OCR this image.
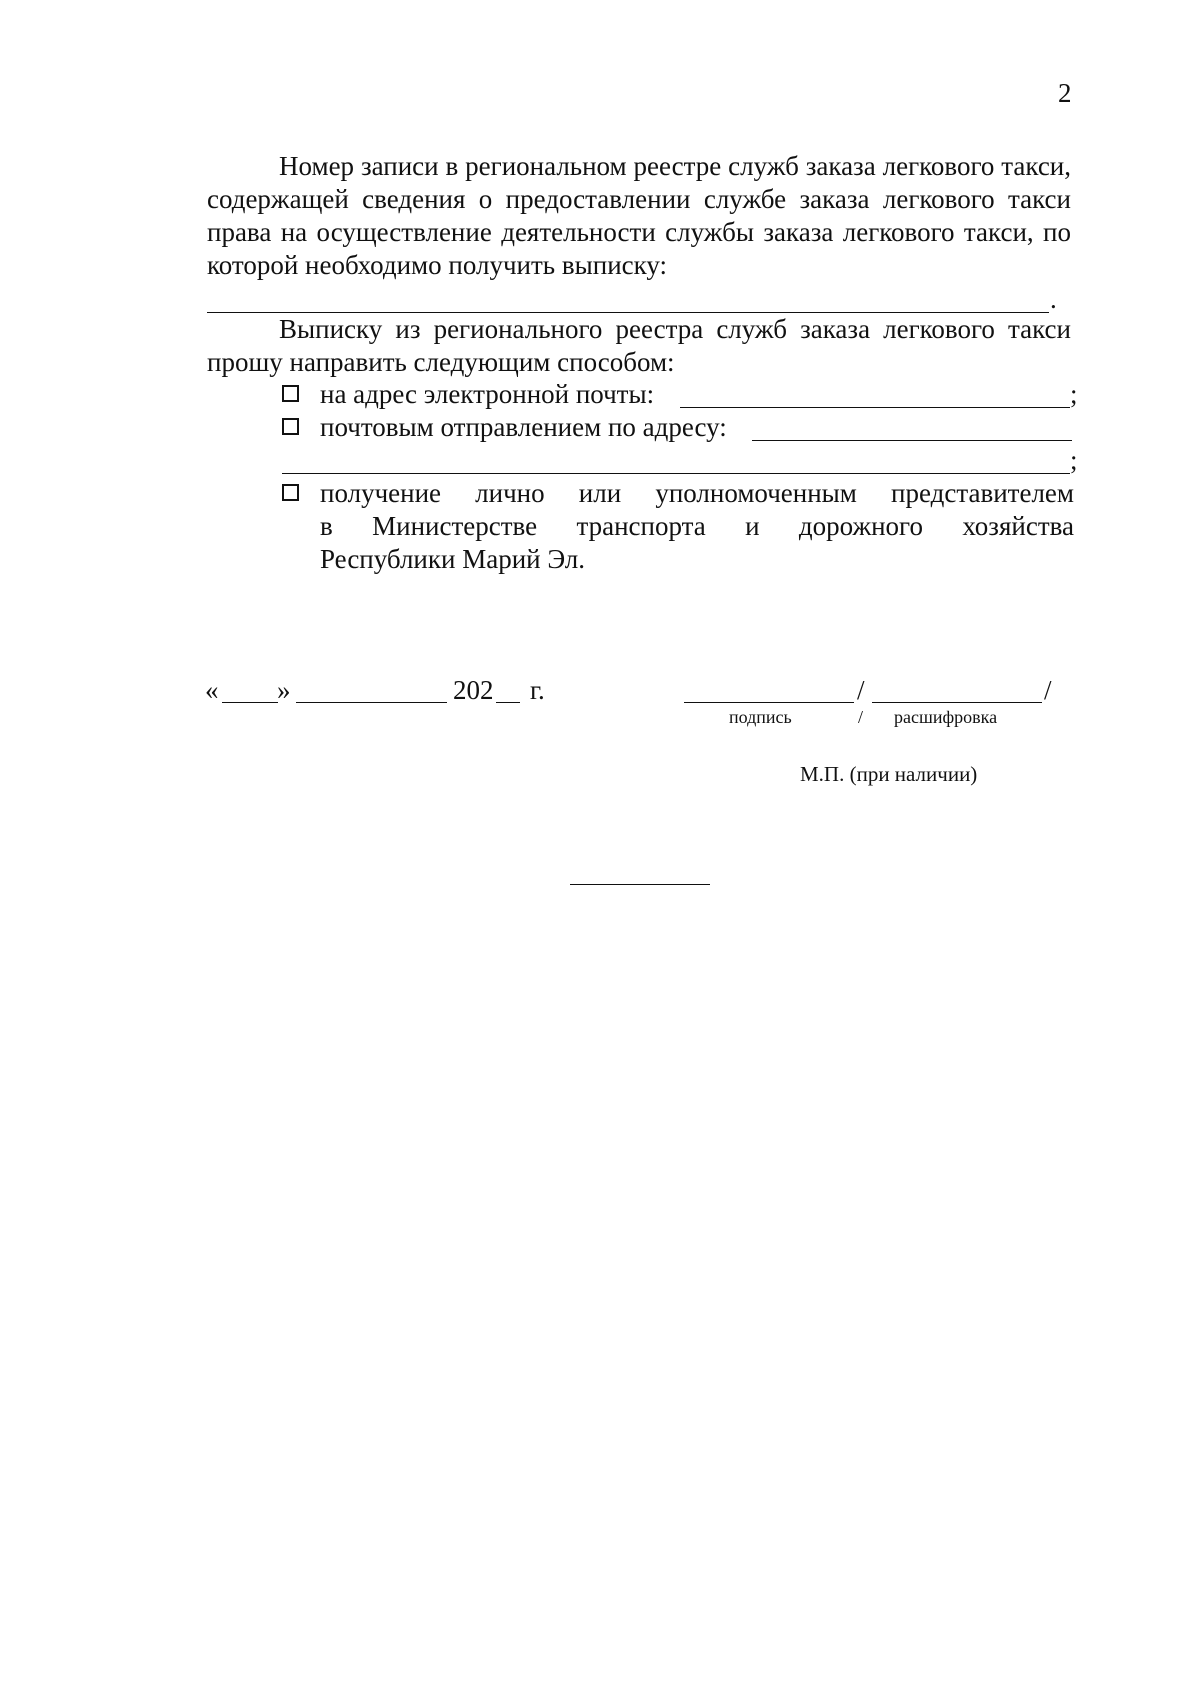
2
Номер записи в региональном реестре служб заказа легкового такси, содержащей сведения о предоставлении службе заказа легкового такси права на осуществление деятельности службы заказа легкового такси, по которой необходимо получить выписку:
.
Выписку из регионального реестра служб заказа легкового такси прошу направить следующим способом:
на адрес электронной почты:	;
почтовым отправлением по адресу:
;
получение лично или уполномоченным представителем
в Министерстве транспорта и дорожного хозяйства
Республики Марий Эл.
« »	202 г.	/	/
подпись	/ расшифровка
М.П. (при наличии)
